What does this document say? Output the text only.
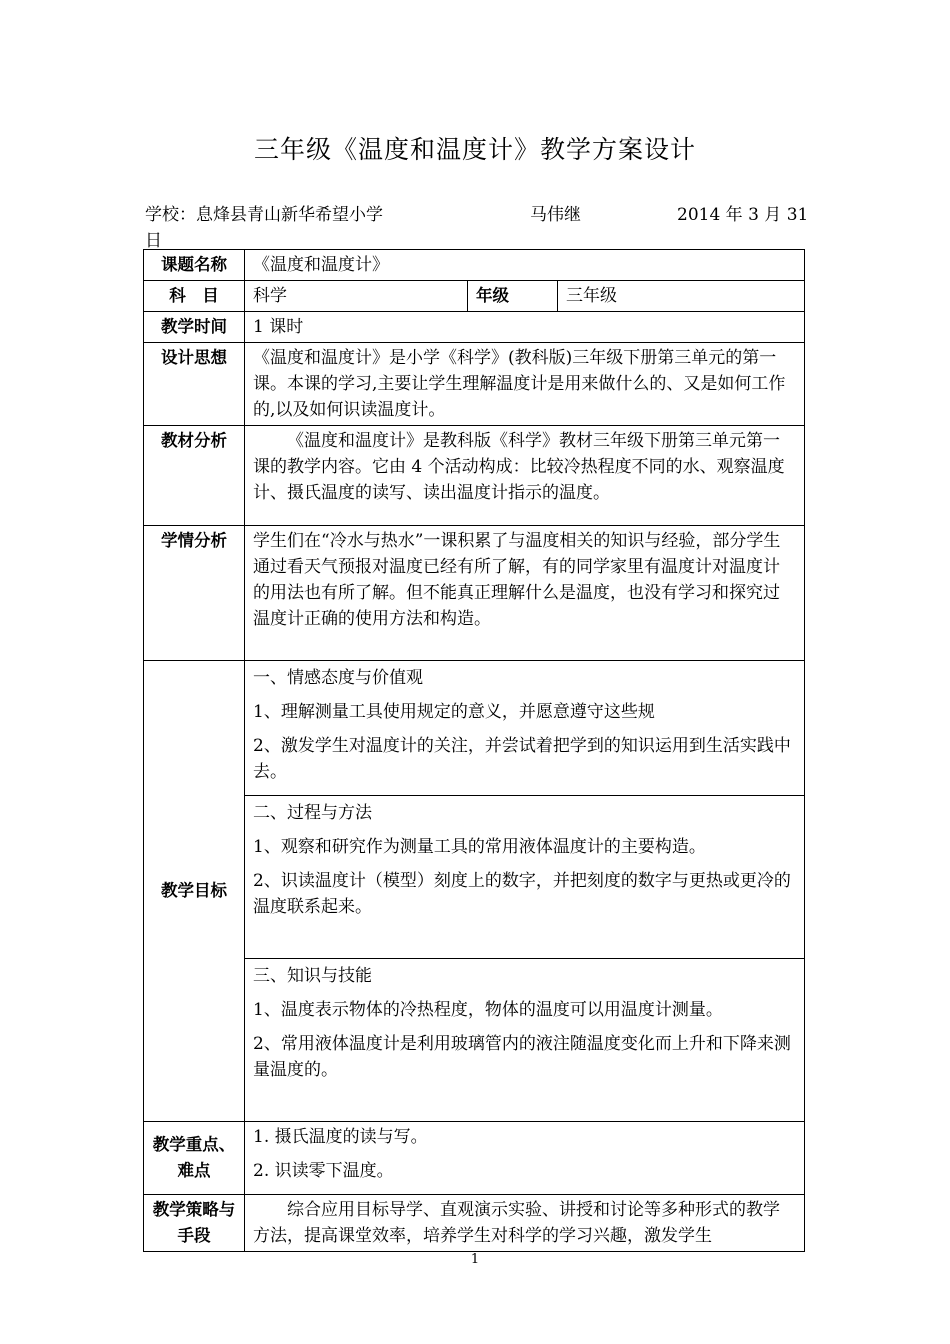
三年级《温度和温度计》教学方案设计
学校：息烽县青山新华希望小学	马伟继	2014 年 3 月 31
日
课题名称	《温度和温度计》		
科　目	科学	年级	三年级
教学时间	1 课时		
设计思想	《温度和温度计》是小学《科学》(教科版)三年级下册第三单元的第一课。本课的学习,主要让学生理解温度计是用来做什么的、又是如何工作的,以及如何识读温度计。		
教材分析	《温度和温度计》是教科版《科学》教材三年级下册第三单元第一课的教学内容。它由 4 个活动构成：比较冷热程度不同的水、观察温度计、摄氏温度的读写、读出温度计指示的温度。		
学情分析	学生们在“冷水与热水”一课积累了与温度相关的知识与经验，部分学生通过看天气预报对温度已经有所了解，有的同学家里有温度计对温度计的用法也有所了解。但不能真正理解什么是温度，也没有学习和探究过温度计正确的使用方法和构造。		
教学目标	一、情感态度与价值观
1、理解测量工具使用规定的意义，并愿意遵守这些规
2、激发学生对温度计的关注，并尝试着把学到的知识运用到生活实践中去。		

	二、过程与方法
1、观察和研究作为测量工具的常用液体温度计的主要构造。
2、识读温度计（模型）刻度上的数字，并把刻度的数字与更热或更冷的温度联系起来。		

	三、知识与技能
1、温度表示物体的冷热程度，物体的温度可以用温度计测量。
2、常用液体温度计是利用玻璃管内的液注随温度变化而上升和下降来测量温度的。		

教学重点、难点	1. 摄氏温度的读与写。
2. 识读零下温度。		

教学策略与手段	综合应用目标导学、直观演示实验、讲授和讨论等多种形式的教学方法，提高课堂效率，培养学生对科学的学习兴趣，激发学生		
1
